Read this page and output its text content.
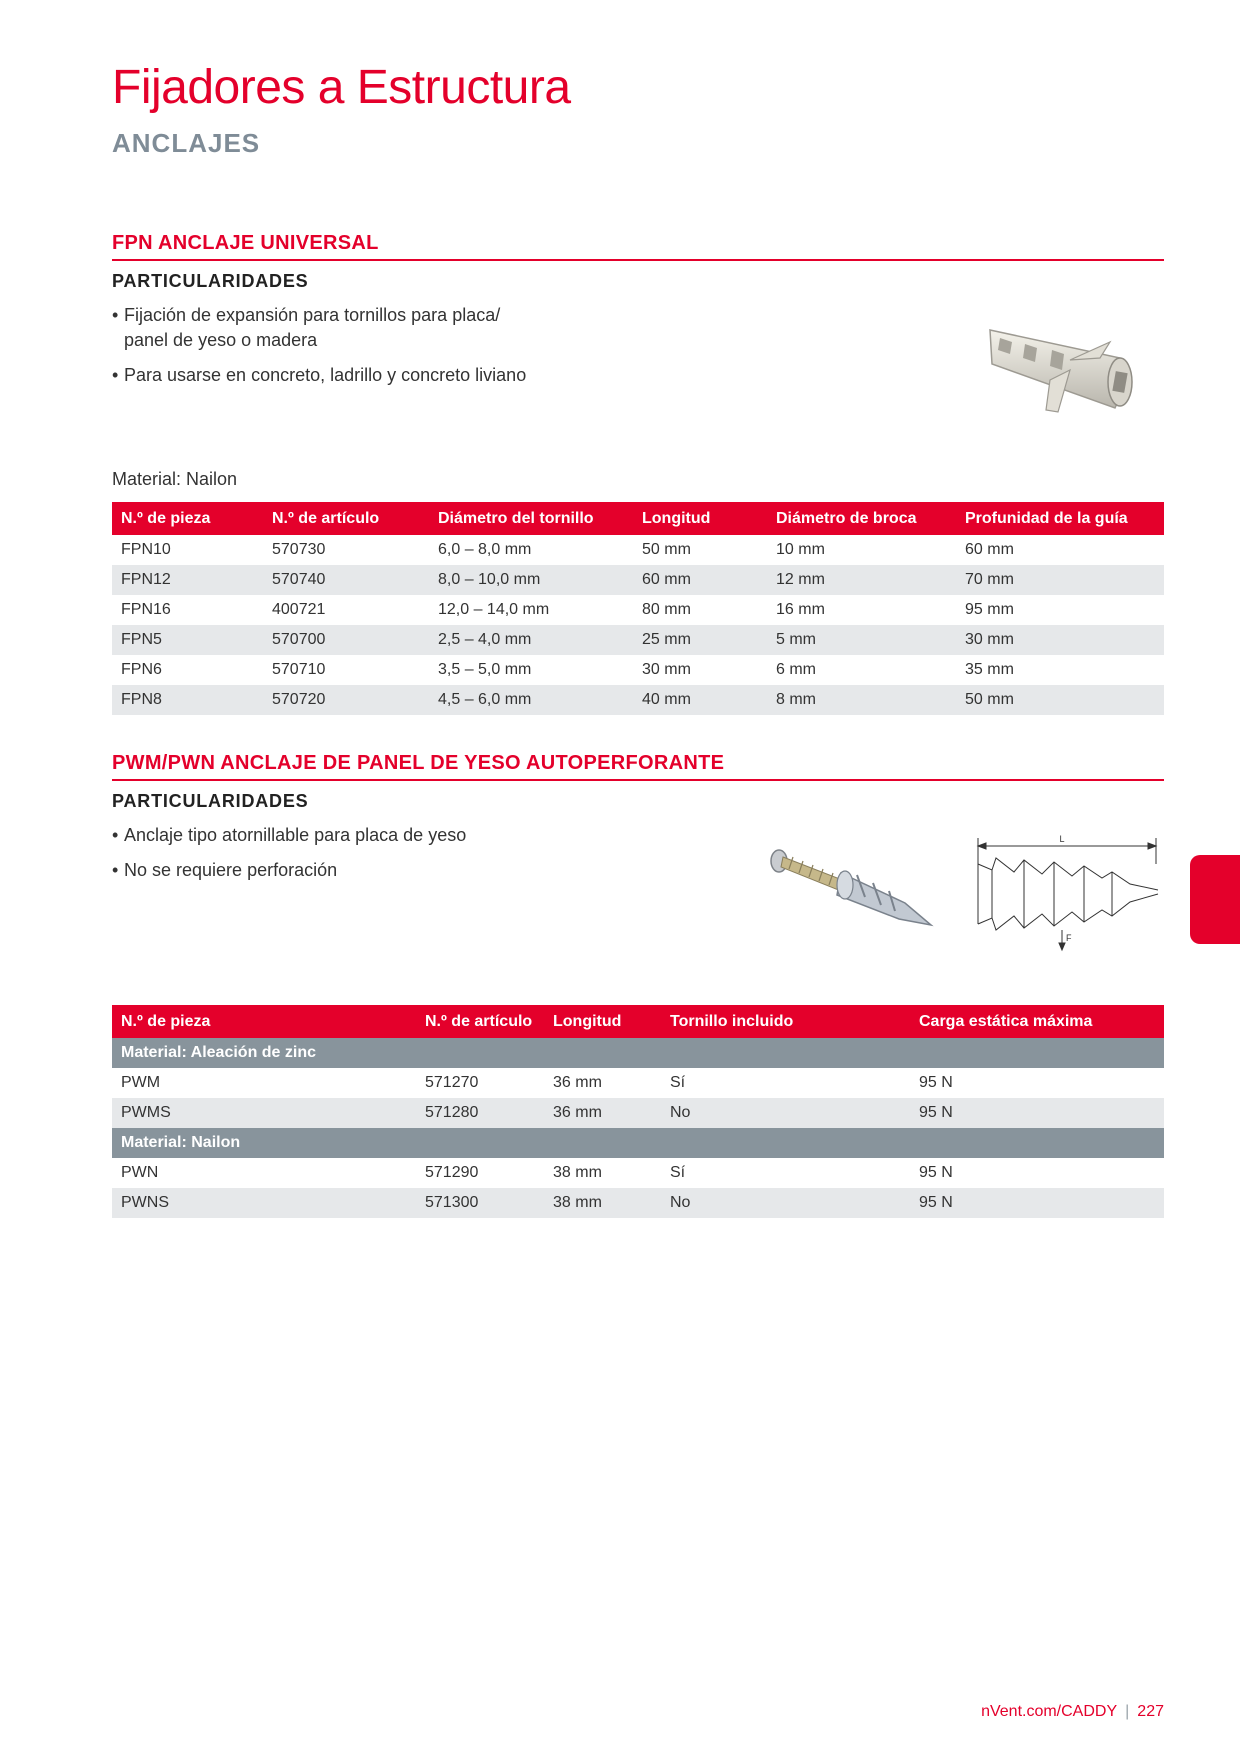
Fijadores a Estructura
ANCLAJES
FPN ANCLAJE UNIVERSAL
PARTICULARIDADES
• Fijación de expansión para tornillos para placa/ panel de yeso o madera
• Para usarse en concreto, ladrillo y concreto liviano
Material: Nailon
N.º de pieza	N.º de artículo	Diámetro del tornillo	Longitud	Diámetro de broca	Profunidad de la guía
FPN10	570730	6,0 – 8,0 mm	50 mm	10 mm	60 mm
FPN12	570740	8,0 – 10,0 mm	60 mm	12 mm	70 mm
FPN16	400721	12,0 – 14,0 mm	80 mm	16 mm	95 mm
FPN5	570700	2,5 – 4,0 mm	25 mm	5 mm	30 mm
FPN6	570710	3,5 – 5,0 mm	30 mm	6 mm	35 mm
FPN8	570720	4,5 – 6,0 mm	40 mm	8 mm	50 mm
PWM/PWN ANCLAJE DE PANEL DE YESO AUTOPERFORANTE
PARTICULARIDADES
• Anclaje tipo atornillable para placa de yeso
• No se requiere perforación
L
F
N.º de pieza	N.º de artículo	Longitud	Tornillo incluido	Carga estática máxima
Material: Aleación de zinc				
PWM	571270	36 mm	Sí	95 N
PWMS	571280	36 mm	No	95 N
Material: Nailon				
PWN	571290	38 mm	Sí	95 N
PWNS	571300	38 mm	No	95 N
nVent.com/CADDY | 227
